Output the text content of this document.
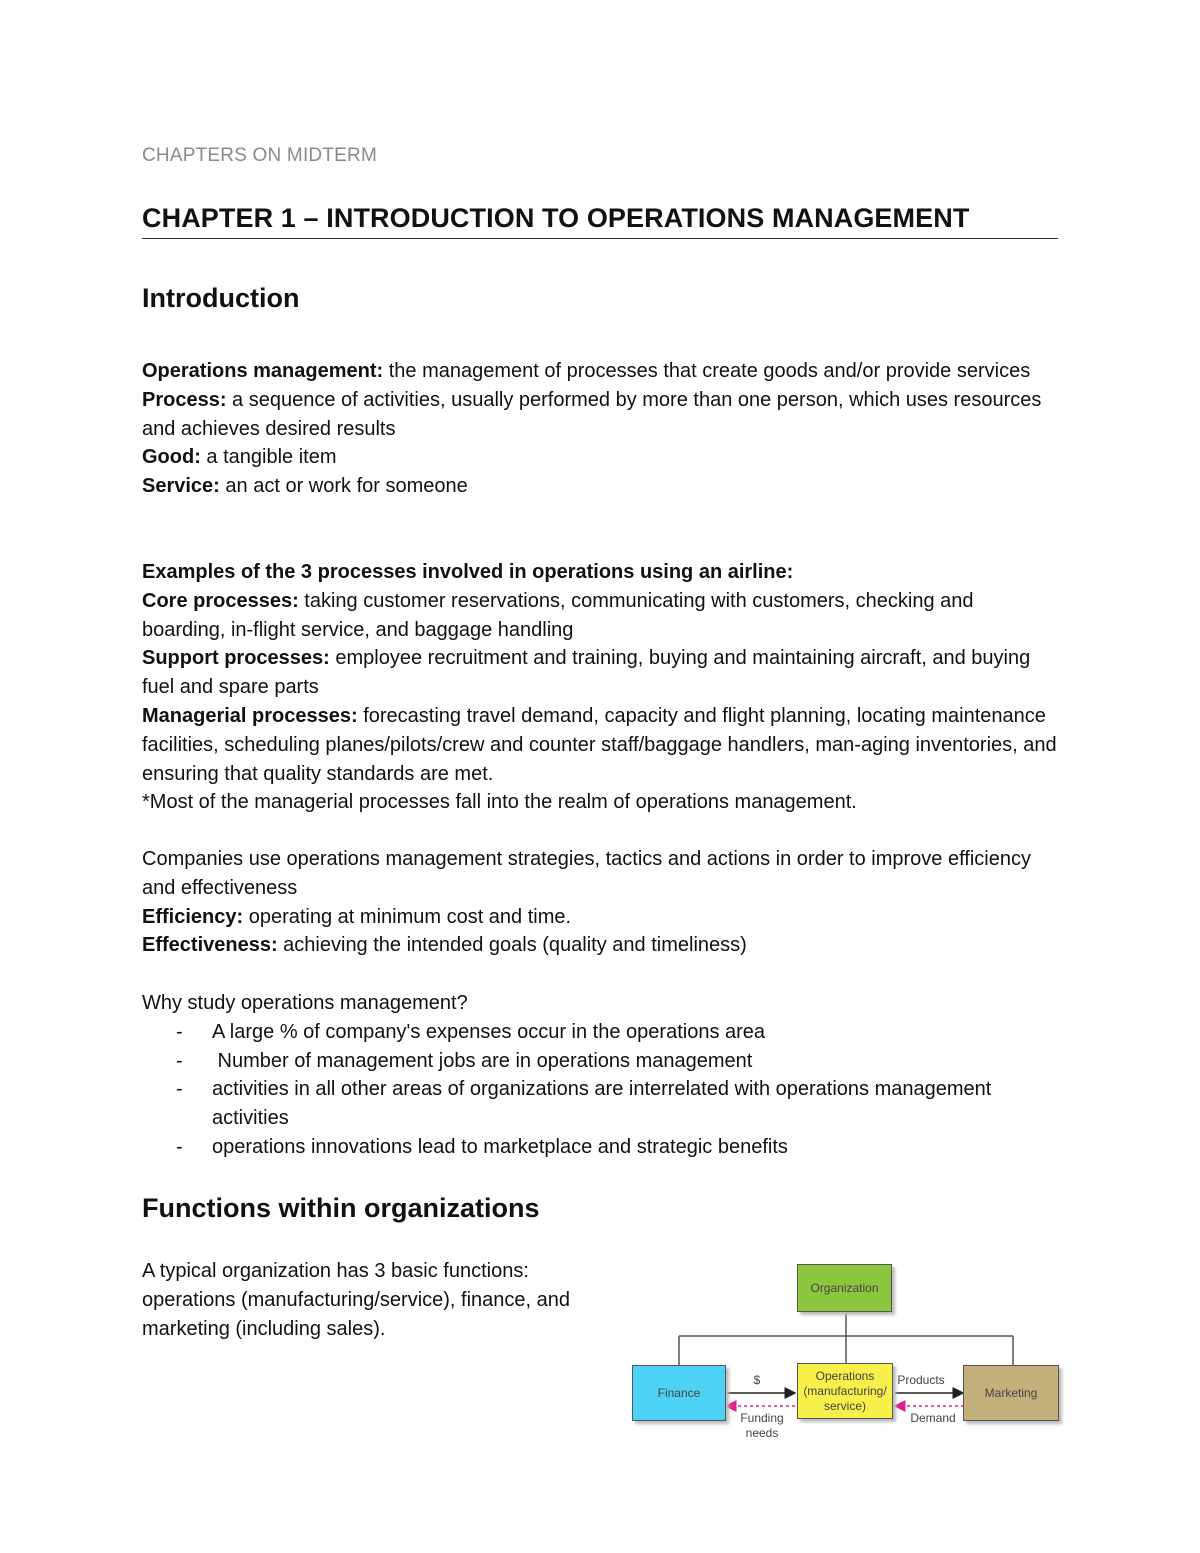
CHAPTERS ON MIDTERM
CHAPTER 1 – INTRODUCTION TO OPERATIONS MANAGEMENT
Introduction

Operations management: the management of processes that create goods and/or provide services

Process: a sequence of activities, usually performed by more than one person, which uses resources and achieves desired results

Good: a tangible item

Service: an act or work for someone

Examples of the 3 processes involved in operations using an airline:

Core processes: taking customer reservations, communicating with customers, checking and boarding, in-flight service, and baggage handling

Support processes: employee recruitment and training, buying and maintaining aircraft, and buying fuel and spare parts

Managerial processes: forecasting travel demand, capacity and flight planning, locating maintenance facilities, scheduling planes/pilots/crew and counter staff/baggage handlers, man-aging inventories, and ensuring that quality standards are met.

*Most of the managerial processes fall into the realm of operations management.

Companies use operations management strategies, tactics and actions in order to improve efficiency and effectiveness

Efficiency: operating at minimum cost and time.

Effectiveness: achieving the intended goals (quality and timeliness)

Why study operations management?

- A large % of company's expenses occur in the operations area
-  Number of management jobs are in operations management
- activities in all other areas of organizations are interrelated with operations management activities
- operations innovations lead to marketplace and strategic benefits
Functions within organizations

A typical organization has 3 basic functions: operations (manufacturing/service), finance, and marketing (including sales).

Organization
Finance
Operations (manufacturing/ service)
Marketing
$	Products
Funding needs
Demand
